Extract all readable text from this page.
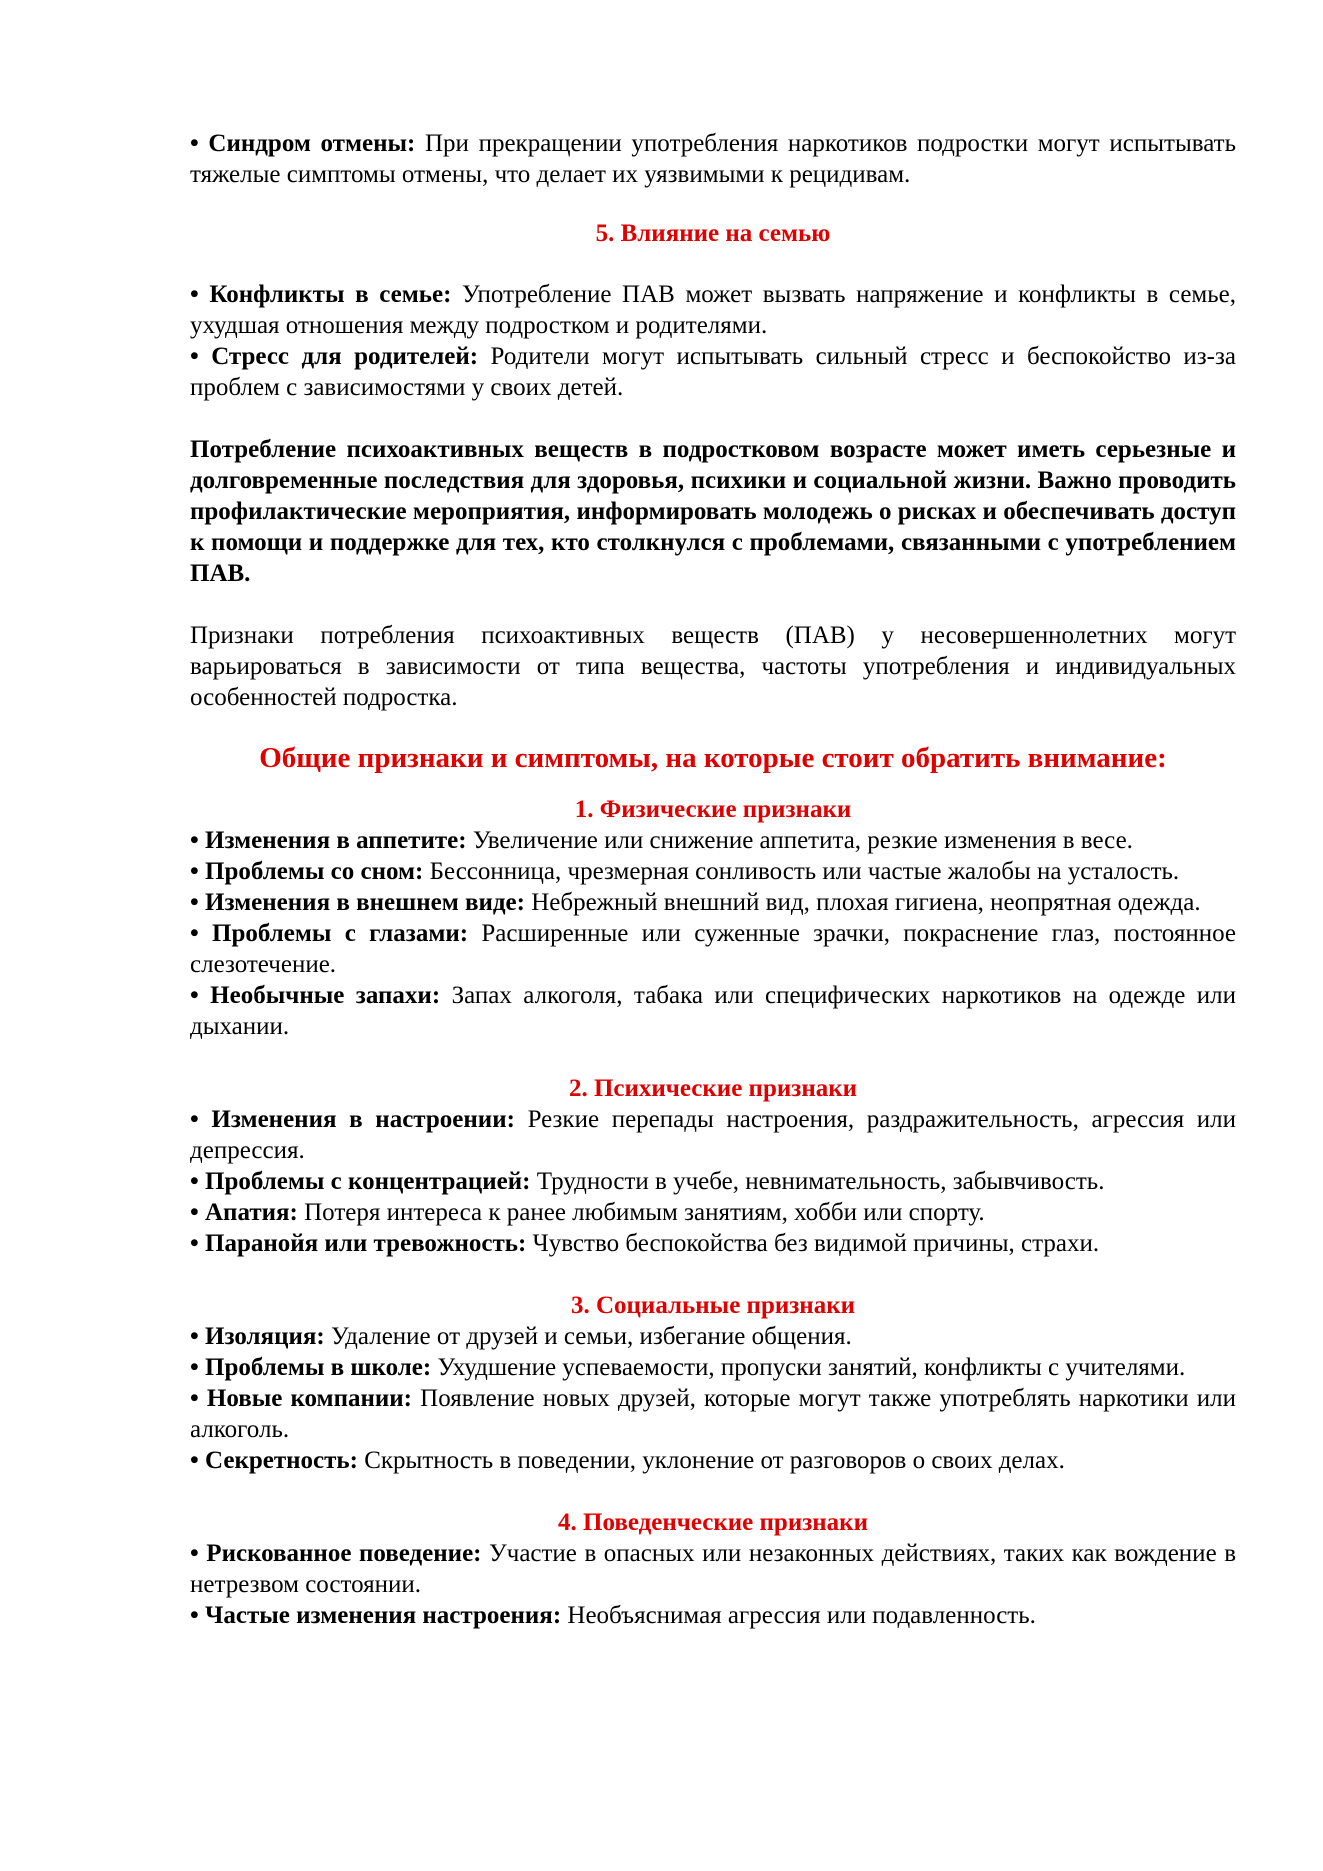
• Синдром отмены: При прекращении употребления наркотиков подростки могут испытывать тяжелые симптомы отмены, что делает их уязвимыми к рецидивам.

5. Влияние на семью

• Конфликты в семье: Употребление ПАВ может вызвать напряжение и конфликты в семье, ухудшая отношения между подростком и родителями.

• Стресс для родителей: Родители могут испытывать сильный стресс и беспокойство из-за проблем с зависимостями у своих детей.

Потребление психоактивных веществ в подростковом возрасте может иметь серьезные и долговременные последствия для здоровья, психики и социальной жизни. Важно проводить профилактические мероприятия, информировать молодежь о рисках и обеспечивать доступ к помощи и поддержке для тех, кто столкнулся с проблемами, связанными с употреблением ПАВ.

Признаки потребления психоактивных веществ (ПАВ) у несовершеннолетних могут варьироваться в зависимости от типа вещества, частоты употребления и индивидуальных особенностей подростка.

Общие признаки и симптомы, на которые стоит обратить внимание:
1. Физические признаки

• Изменения в аппетите: Увеличение или снижение аппетита, резкие изменения в весе.

• Проблемы со сном: Бессонница, чрезмерная сонливость или частые жалобы на усталость.

• Изменения в внешнем виде: Небрежный внешний вид, плохая гигиена, неопрятная одежда.

• Проблемы с глазами: Расширенные или суженные зрачки, покраснение глаз, постоянное слезотечение.

• Необычные запахи: Запах алкоголя, табака или специфических наркотиков на одежде или дыхании.

2. Психические признаки

• Изменения в настроении: Резкие перепады настроения, раздражительность, агрессия или депрессия.

• Проблемы с концентрацией: Трудности в учебе, невнимательность, забывчивость.

• Апатия: Потеря интереса к ранее любимым занятиям, хобби или спорту.

• Паранойя или тревожность: Чувство беспокойства без видимой причины, страхи.

3. Социальные признаки

• Изоляция: Удаление от друзей и семьи, избегание общения.

• Проблемы в школе: Ухудшение успеваемости, пропуски занятий, конфликты с учителями.

• Новые компании: Появление новых друзей, которые могут также употреблять наркотики или алкоголь.

• Секретность: Скрытность в поведении, уклонение от разговоров о своих делах.

4. Поведенческие признаки

• Рискованное поведение: Участие в опасных или незаконных действиях, таких как вождение в нетрезвом состоянии.

• Частые изменения настроения: Необъяснимая агрессия или подавленность.
